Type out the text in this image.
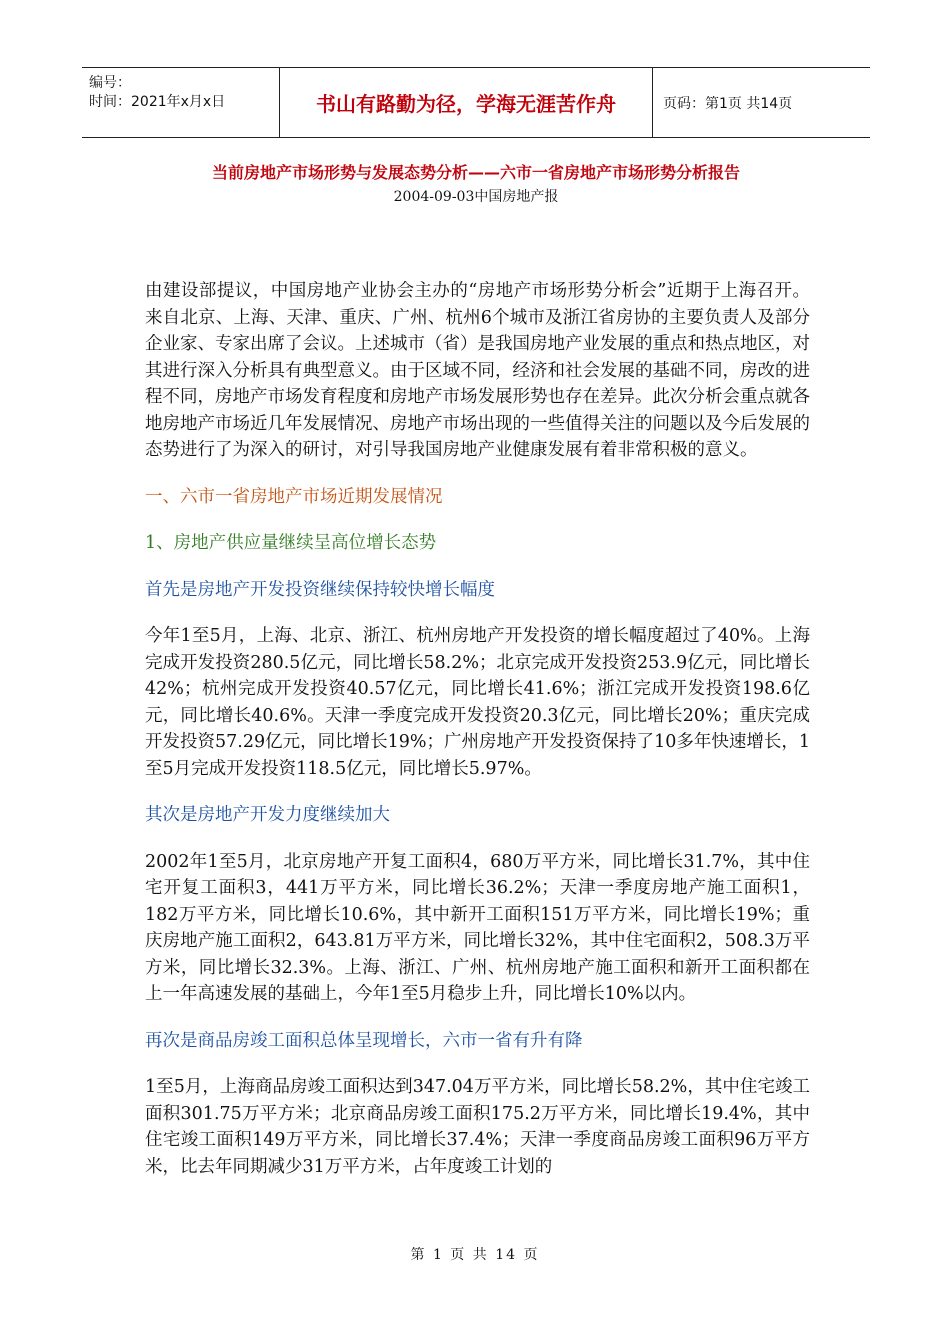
编号：
时间：2021年x月x日	书山有路勤为径，学海无涯苦作舟	页码：第1页 共14页
当前房地产市场形势与发展态势分析——六市一省房地产市场形势分析报告
2004-09-03中国房地产报

由建设部提议，中国房地产业协会主办的“房地产市场形势分析会”近期于上海召开。来自北京、上海、天津、重庆、广州、杭州6个城市及浙江省房协的主要负责人及部分企业家、专家出席了会议。上述城市（省）是我国房地产业发展的重点和热点地区，对其进行深入分析具有典型意义。由于区域不同，经济和社会发展的基础不同，房改的进程不同，房地产市场发育程度和房地产市场发展形势也存在差异。此次分析会重点就各地房地产市场近几年发展情况、房地产市场出现的一些值得关注的问题以及今后发展的态势进行了为深入的研讨，对引导我国房地产业健康发展有着非常积极的意义。

一、六市一省房地产市场近期发展情况

1、房地产供应量继续呈高位增长态势

首先是房地产开发投资继续保持较快增长幅度

今年1至5月，上海、北京、浙江、杭州房地产开发投资的增长幅度超过了40%。上海完成开发投资280.5亿元，同比增长58.2%；北京完成开发投资253.9亿元，同比增长42%；杭州完成开发投资40.57亿元，同比增长41.6%；浙江完成开发投资198.6亿元，同比增长40.6%。天津一季度完成开发投资20.3亿元，同比增长20%；重庆完成开发投资57.29亿元，同比增长19%；广州房地产开发投资保持了10多年快速增长，1至5月完成开发投资118.5亿元，同比增长5.97%。

其次是房地产开发力度继续加大

2002年1至5月，北京房地产开复工面积4，680万平方米，同比增长31.7%，其中住宅开复工面积3，441万平方米，同比增长36.2%；天津一季度房地产施工面积1，182万平方米，同比增长10.6%，其中新开工面积151万平方米，同比增长19%；重庆房地产施工面积2，643.81万平方米，同比增长32%，其中住宅面积2，508.3万平方米，同比增长32.3%。上海、浙江、广州、杭州房地产施工面积和新开工面积都在上一年高速发展的基础上，今年1至5月稳步上升，同比增长10%以内。

再次是商品房竣工面积总体呈现增长，六市一省有升有降

1至5月，上海商品房竣工面积达到347.04万平方米，同比增长58.2%，其中住宅竣工面积301.75万平方米；北京商品房竣工面积175.2万平方米，同比增长19.4%，其中住宅竣工面积149万平方米，同比增长37.4%；天津一季度商品房竣工面积96万平方米，比去年同期减少31万平方米，占年度竣工计划的

第 1 页 共 14 页
